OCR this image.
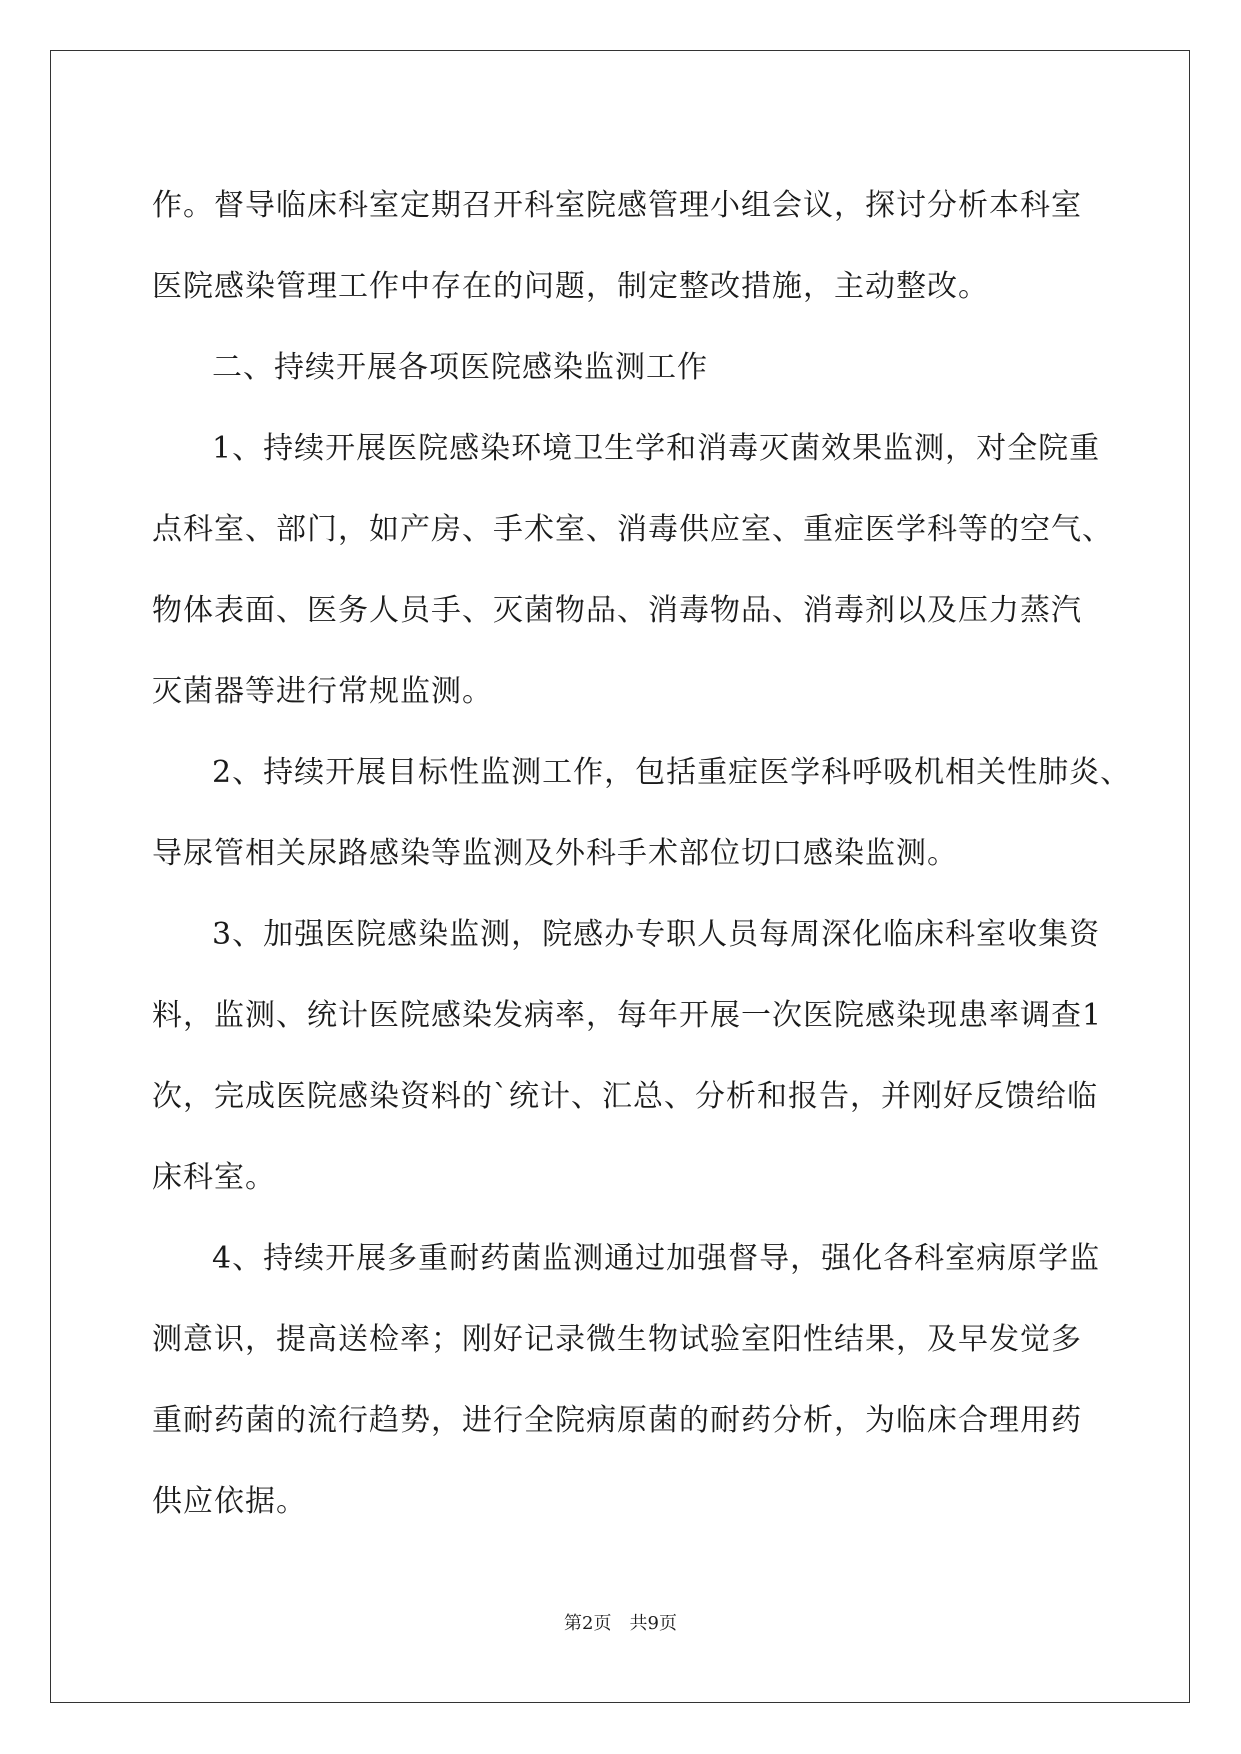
作。督导临床科室定期召开科室院感管理小组会议，探讨分析本科室
医院感染管理工作中存在的问题，制定整改措施，主动整改。
二、持续开展各项医院感染监测工作
1、持续开展医院感染环境卫生学和消毒灭菌效果监测，对全院重
点科室、部门，如产房、手术室、消毒供应室、重症医学科等的空气、
物体表面、医务人员手、灭菌物品、消毒物品、消毒剂以及压力蒸汽
灭菌器等进行常规监测。
2、持续开展目标性监测工作，包括重症医学科呼吸机相关性肺炎、
导尿管相关尿路感染等监测及外科手术部位切口感染监测。
3、加强医院感染监测，院感办专职人员每周深化临床科室收集资
料，监测、统计医院感染发病率，每年开展一次医院感染现患率调查1
次，完成医院感染资料的`统计、汇总、分析和报告，并刚好反馈给临
床科室。
4、持续开展多重耐药菌监测通过加强督导，强化各科室病原学监
测意识，提高送检率；刚好记录微生物试验室阳性结果，及早发觉多
重耐药菌的流行趋势，进行全院病原菌的耐药分析，为临床合理用药
供应依据。
第2页 共9页
